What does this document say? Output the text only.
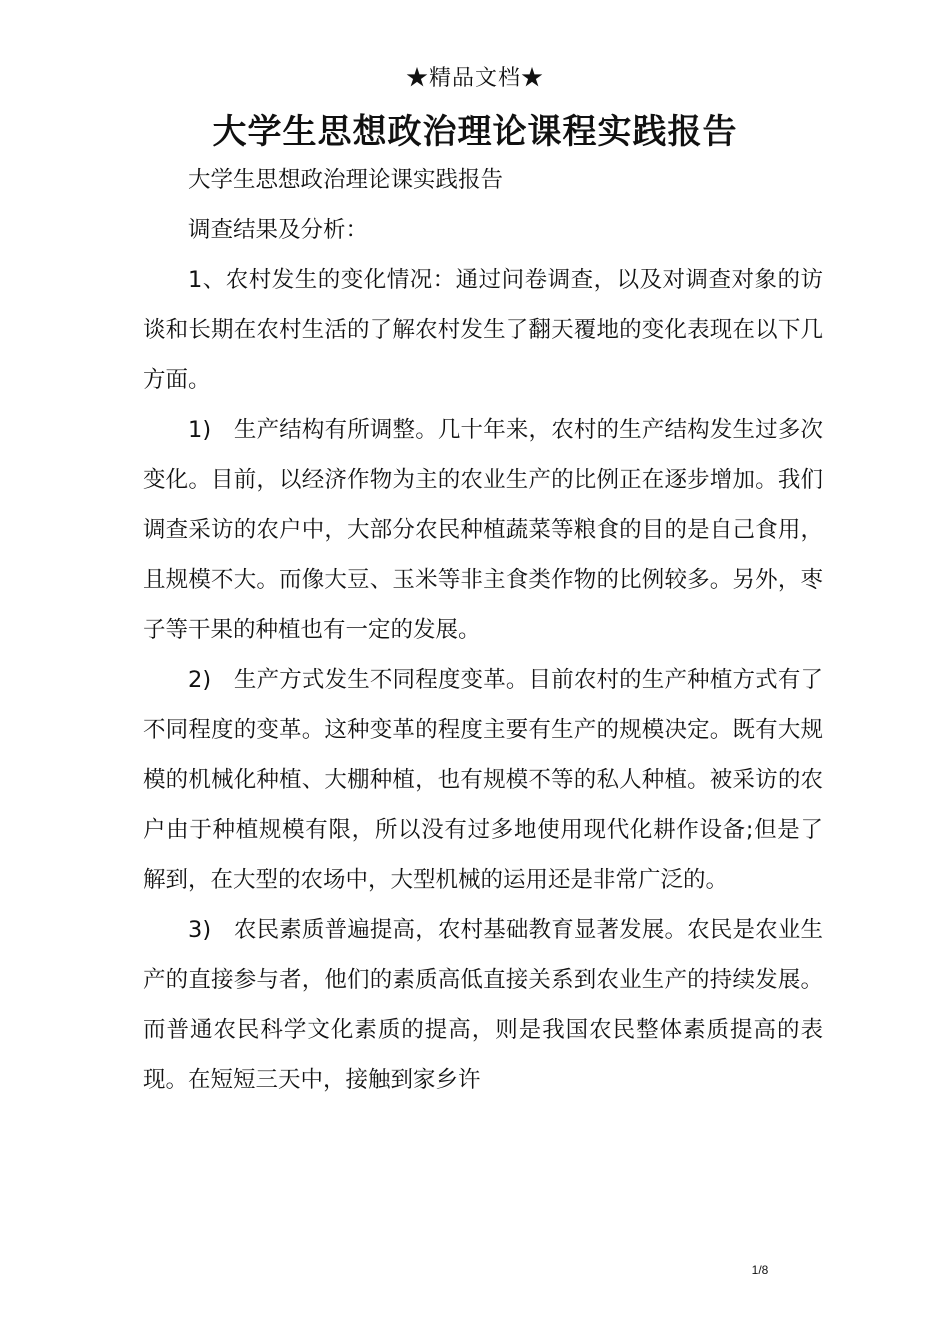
★精品文档★
大学生思想政治理论课程实践报告

大学生思想政治理论课实践报告

调查结果及分析：

1、农村发生的变化情况：通过问卷调查，以及对调查对象的访谈和长期在农村生活的了解农村发生了翻天覆地的变化表现在以下几方面。

1)　生产结构有所调整。几十年来，农村的生产结构发生过多次变化。目前，以经济作物为主的农业生产的比例正在逐步增加。我们调查采访的农户中，大部分农民种植蔬菜等粮食的目的是自己食用，且规模不大。而像大豆、玉米等非主食类作物的比例较多。另外，枣子等干果的种植也有一定的发展。

2)　生产方式发生不同程度变革。目前农村的生产种植方式有了不同程度的变革。这种变革的程度主要有生产的规模决定。既有大规模的机械化种植、大棚种植，也有规模不等的私人种植。被采访的农户由于种植规模有限，所以没有过多地使用现代化耕作设备;但是了解到，在大型的农场中，大型机械的运用还是非常广泛的。

3)　农民素质普遍提高，农村基础教育显著发展。农民是农业生产的直接参与者，他们的素质高低直接关系到农业生产的持续发展。而普通农民科学文化素质的提高，则是我国农民整体素质提高的表现。在短短三天中，接触到家乡许

1/8
